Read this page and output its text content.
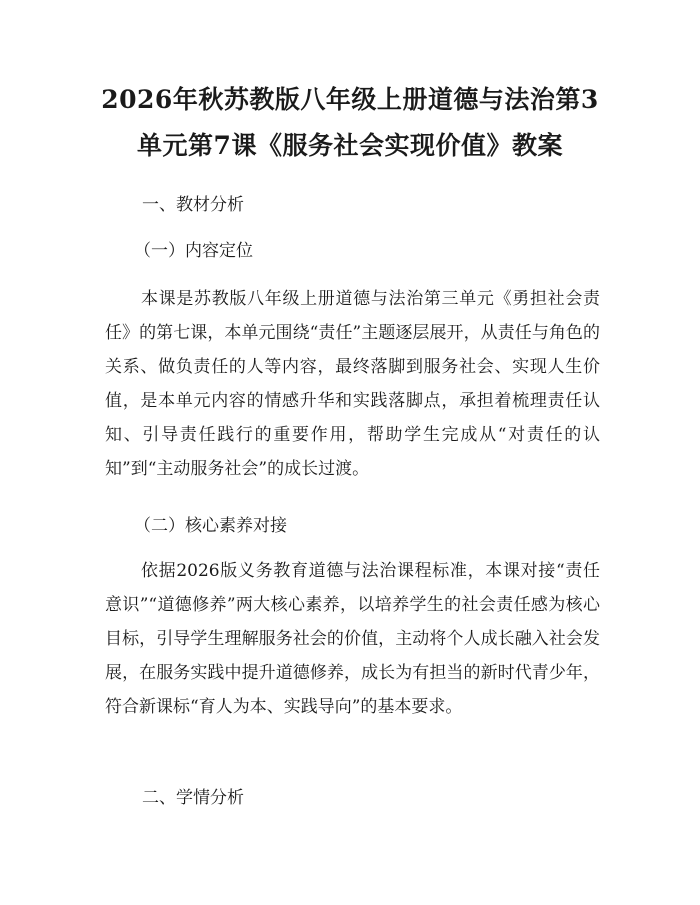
2026年秋苏教版八年级上册道德与法治第3
单元第7课《服务社会实现价值》教案
一、教材分析
（一）内容定位
本课是苏教版八年级上册道德与法治第三单元《勇担社会责任》的第七课，本单元围绕“责任”主题逐层展开，从责任与角色的关系、做负责任的人等内容，最终落脚到服务社会、实现人生价值，是本单元内容的情感升华和实践落脚点，承担着梳理责任认知、引导责任践行的重要作用，帮助学生完成从“对责任的认知”到“主动服务社会”的成长过渡。
（二）核心素养对接
依据2026版义务教育道德与法治课程标准，本课对接“责任意识”“道德修养”两大核心素养，以培养学生的社会责任感为核心目标，引导学生理解服务社会的价值，主动将个人成长融入社会发展，在服务实践中提升道德修养，成长为有担当的新时代青少年，符合新课标“育人为本、实践导向”的基本要求。
二、学情分析
